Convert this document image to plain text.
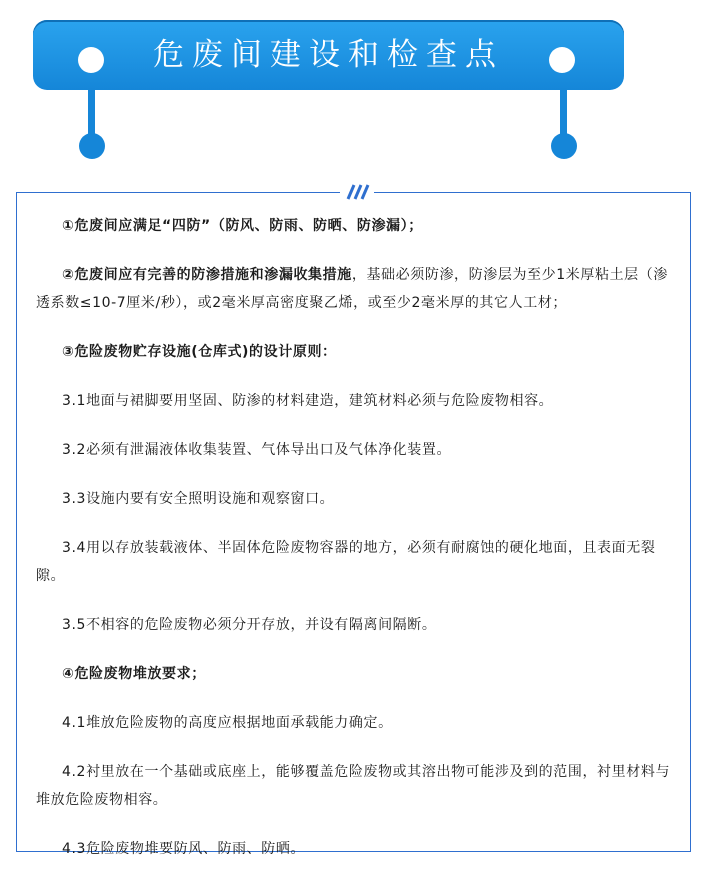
危废间建设和检查点

①危废间应满足“四防”（防风、防雨、防晒、防渗漏）；

②危废间应有完善的防渗措施和渗漏收集措施，基础必须防渗，防渗层为至少1米厚粘土层（渗透系数≤10-7厘米/秒），或2毫米厚高密度聚乙烯，或至少2毫米厚的其它人工材；

③危险废物贮存设施(仓库式)的设计原则：

3.1地面与裙脚要用坚固、防渗的材料建造，建筑材料必须与危险废物相容。

3.2必须有泄漏液体收集装置、气体导出口及气体净化装置。

3.3设施内要有安全照明设施和观察窗口。

3.4用以存放装载液体、半固体危险废物容器的地方，必须有耐腐蚀的硬化地面，且表面无裂隙。

3.5不相容的危险废物必须分开存放，并设有隔离间隔断。

④危险废物堆放要求；

4.1堆放危险废物的高度应根据地面承载能力确定。

4.2衬里放在一个基础或底座上，能够覆盖危险废物或其溶出物可能涉及到的范围，衬里材料与堆放危险废物相容。

4.3危险废物堆要防风、防雨、防晒。
